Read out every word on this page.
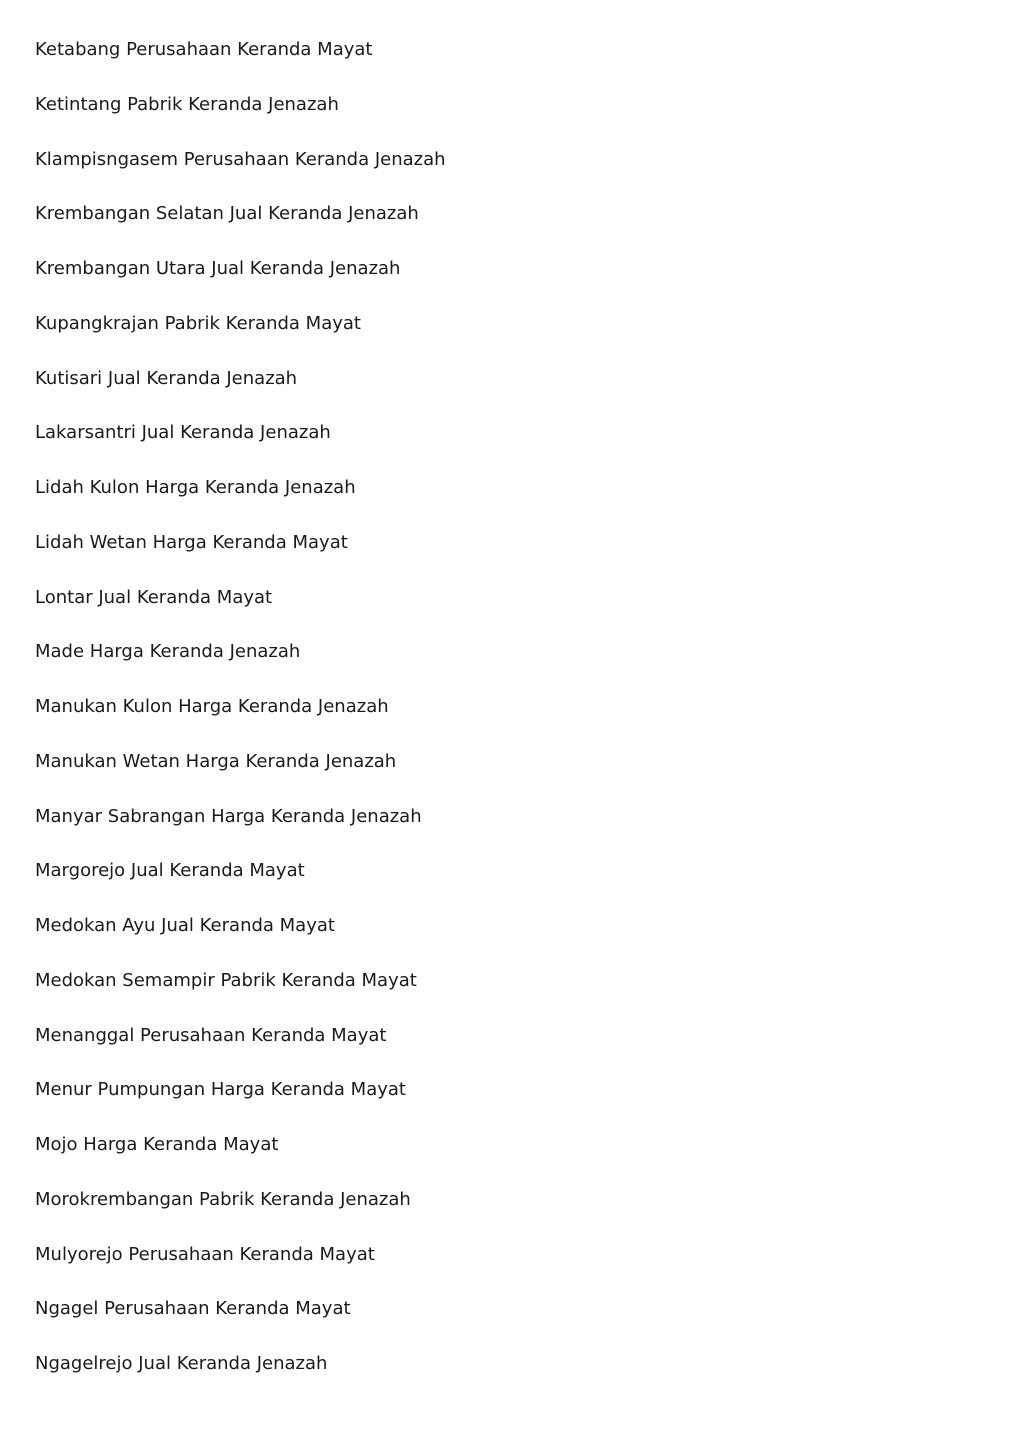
Ketabang Perusahaan Keranda Mayat
Ketintang Pabrik Keranda Jenazah
Klampisngasem Perusahaan Keranda Jenazah
Krembangan Selatan Jual Keranda Jenazah
Krembangan Utara Jual Keranda Jenazah
Kupangkrajan Pabrik Keranda Mayat
Kutisari Jual Keranda Jenazah
Lakarsantri Jual Keranda Jenazah
Lidah Kulon Harga Keranda Jenazah
Lidah Wetan Harga Keranda Mayat
Lontar Jual Keranda Mayat
Made Harga Keranda Jenazah
Manukan Kulon Harga Keranda Jenazah
Manukan Wetan Harga Keranda Jenazah
Manyar Sabrangan Harga Keranda Jenazah
Margorejo Jual Keranda Mayat
Medokan Ayu Jual Keranda Mayat
Medokan Semampir Pabrik Keranda Mayat
Menanggal Perusahaan Keranda Mayat
Menur Pumpungan Harga Keranda Mayat
Mojo Harga Keranda Mayat
Morokrembangan Pabrik Keranda Jenazah
Mulyorejo Perusahaan Keranda Mayat
Ngagel Perusahaan Keranda Mayat
Ngagelrejo Jual Keranda Jenazah
